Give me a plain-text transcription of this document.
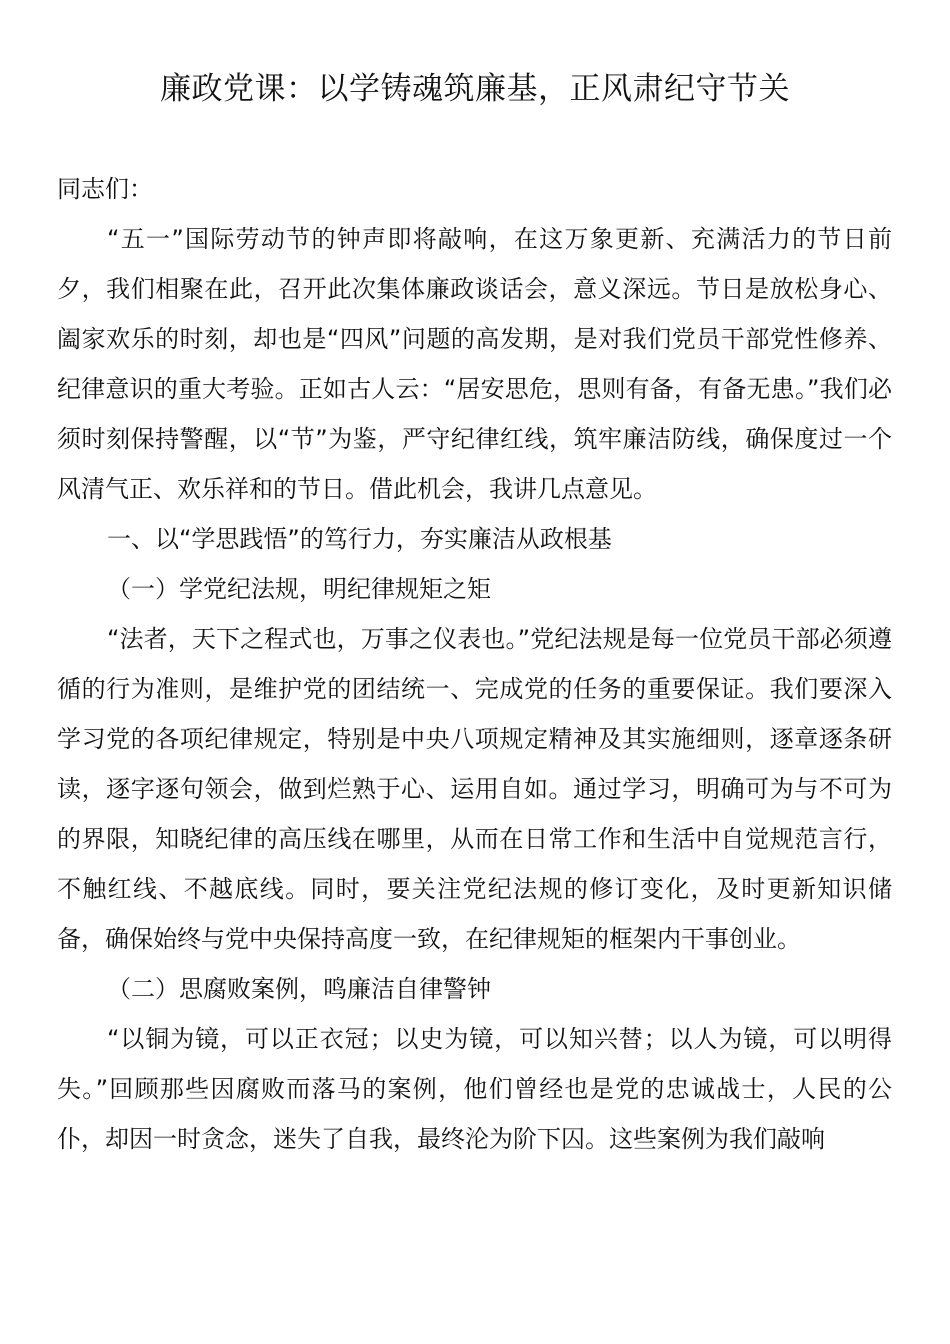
廉政党课：以学铸魂筑廉基，正风肃纪守节关

同志们：

“五一”国际劳动节的钟声即将敲响，在这万象更新、充满活力的节日前夕，我们相聚在此，召开此次集体廉政谈话会，意义深远。节日是放松身心、阖家欢乐的时刻，却也是“四风”问题的高发期，是对我们党员干部党性修养、纪律意识的重大考验。正如古人云：“居安思危，思则有备，有备无患。”我们必须时刻保持警醒，以“节”为鉴，严守纪律红线，筑牢廉洁防线，确保度过一个风清气正、欢乐祥和的节日。借此机会，我讲几点意见。

一、以“学思践悟”的笃行力，夯实廉洁从政根基

（一）学党纪法规，明纪律规矩之矩

“法者，天下之程式也，万事之仪表也。”党纪法规是每一位党员干部必须遵循的行为准则，是维护党的团结统一、完成党的任务的重要保证。我们要深入学习党的各项纪律规定，特别是中央八项规定精神及其实施细则，逐章逐条研读，逐字逐句领会，做到烂熟于心、运用自如。通过学习，明确可为与不可为的界限，知晓纪律的高压线在哪里，从而在日常工作和生活中自觉规范言行，不触红线、不越底线。同时，要关注党纪法规的修订变化，及时更新知识储备，确保始终与党中央保持高度一致，在纪律规矩的框架内干事创业。

（二）思腐败案例，鸣廉洁自律警钟

“以铜为镜，可以正衣冠；以史为镜，可以知兴替；以人为镜，可以明得失。”回顾那些因腐败而落马的案例，他们曾经也是党的忠诚战士，人民的公仆，却因一时贪念，迷失了自我，最终沦为阶下囚。这些案例为我们敲响
